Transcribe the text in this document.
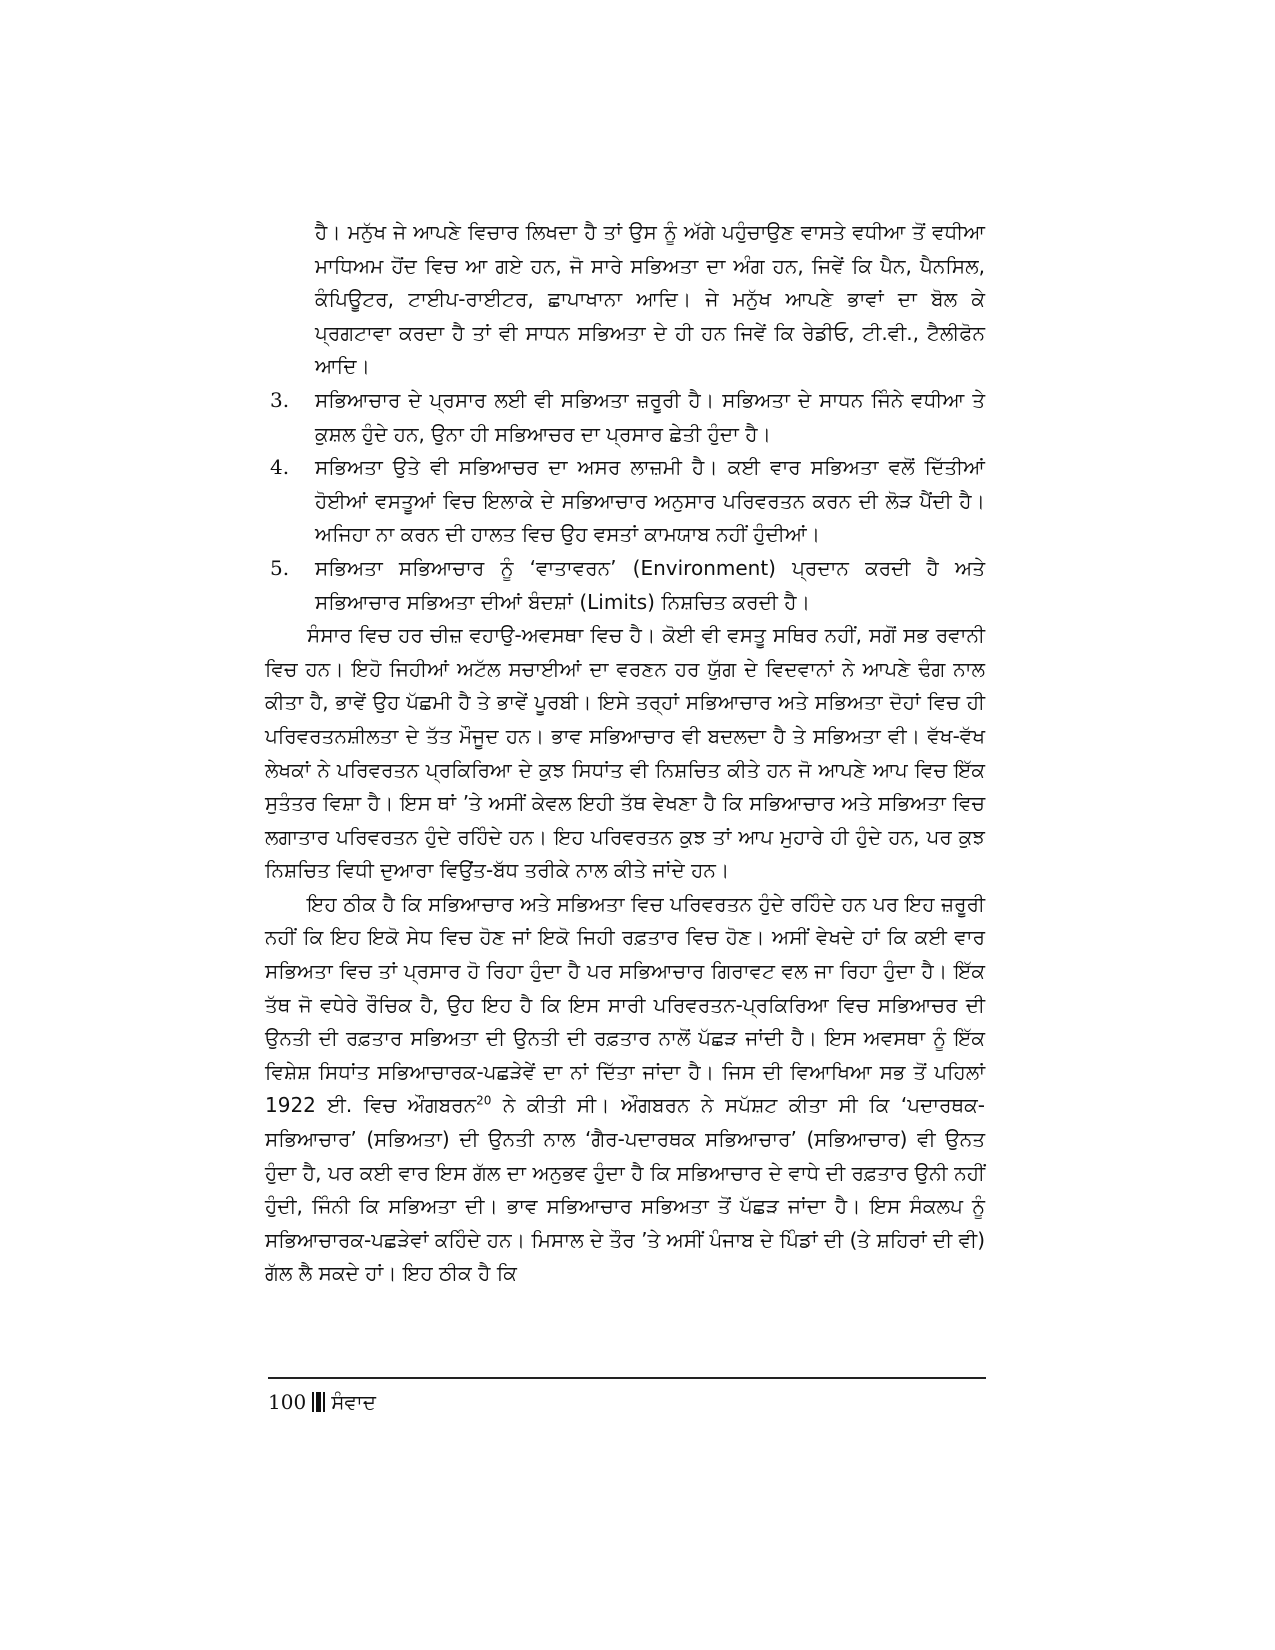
ਹੈ। ਮਨੁੱਖ ਜੇ ਆਪਣੇ ਵਿਚਾਰ ਲਿਖਦਾ ਹੈ ਤਾਂ ਉਸ ਨੂੰ ਅੱਗੇ ਪਹੁੰਚਾਉਣ ਵਾਸਤੇ ਵਧੀਆ ਤੋਂ ਵਧੀਆ ਮਾਧਿਅਮ ਹੋਂਦ ਵਿਚ ਆ ਗਏ ਹਨ, ਜੋ ਸਾਰੇ ਸਭਿਅਤਾ ਦਾ ਅੰਗ ਹਨ, ਜਿਵੇਂ ਕਿ ਪੈਨ, ਪੈਨਸਿਲ, ਕੰਪਿਊਟਰ, ਟਾਈਪ-ਰਾਈਟਰ, ਛਾਪਾਖਾਨਾ ਆਦਿ। ਜੇ ਮਨੁੱਖ ਆਪਣੇ ਭਾਵਾਂ ਦਾ ਬੋਲ ਕੇ ਪ੍ਰਗਟਾਵਾ ਕਰਦਾ ਹੈ ਤਾਂ ਵੀ ਸਾਧਨ ਸਭਿਅਤਾ ਦੇ ਹੀ ਹਨ ਜਿਵੇਂ ਕਿ ਰੇਡੀਓ, ਟੀ.ਵੀ., ਟੈਲੀਫੋਨ ਆਦਿ।

3. ਸਭਿਆਚਾਰ ਦੇ ਪ੍ਰਸਾਰ ਲਈ ਵੀ ਸਭਿਅਤਾ ਜ਼ਰੂਰੀ ਹੈ। ਸਭਿਅਤਾ ਦੇ ਸਾਧਨ ਜਿੰਨੇ ਵਧੀਆ ਤੇ ਕੁਸ਼ਲ ਹੁੰਦੇ ਹਨ, ਉਨਾ ਹੀ ਸਭਿਆਚਰ ਦਾ ਪ੍ਰਸਾਰ ਛੇਤੀ ਹੁੰਦਾ ਹੈ।

4. ਸਭਿਅਤਾ ਉਤੇ ਵੀ ਸਭਿਆਚਰ ਦਾ ਅਸਰ ਲਾਜ਼ਮੀ ਹੈ। ਕਈ ਵਾਰ ਸਭਿਅਤਾ ਵਲੋਂ ਦਿੱਤੀਆਂ ਹੋਈਆਂ ਵਸਤੂਆਂ ਵਿਚ ਇਲਾਕੇ ਦੇ ਸਭਿਆਚਾਰ ਅਨੁਸਾਰ ਪਰਿਵਰਤਨ ਕਰਨ ਦੀ ਲੋੜ ਪੈਂਦੀ ਹੈ। ਅਜਿਹਾ ਨਾ ਕਰਨ ਦੀ ਹਾਲਤ ਵਿਚ ਉਹ ਵਸਤਾਂ ਕਾਮਯਾਬ ਨਹੀਂ ਹੁੰਦੀਆਂ।

5. ਸਭਿਅਤਾ ਸਭਿਆਚਾਰ ਨੂੰ ‘ਵਾਤਾਵਰਨ’ (Environment) ਪ੍ਰਦਾਨ ਕਰਦੀ ਹੈ ਅਤੇ ਸਭਿਆਚਾਰ ਸਭਿਅਤਾ ਦੀਆਂ ਬੰਦਸ਼ਾਂ (Limits) ਨਿਸ਼ਚਿਤ ਕਰਦੀ ਹੈ।

ਸੰਸਾਰ ਵਿਚ ਹਰ ਚੀਜ਼ ਵਹਾਉ-ਅਵਸਥਾ ਵਿਚ ਹੈ। ਕੋਈ ਵੀ ਵਸਤੂ ਸਥਿਰ ਨਹੀਂ, ਸਗੋਂ ਸਭ ਰਵਾਨੀ ਵਿਚ ਹਨ। ਇਹੋ ਜਿਹੀਆਂ ਅਟੱਲ ਸਚਾਈਆਂ ਦਾ ਵਰਣਨ ਹਰ ਯੁੱਗ ਦੇ ਵਿਦਵਾਨਾਂ ਨੇ ਆਪਣੇ ਢੰਗ ਨਾਲ ਕੀਤਾ ਹੈ, ਭਾਵੇਂ ਉਹ ਪੱਛਮੀ ਹੈ ਤੇ ਭਾਵੇਂ ਪੂਰਬੀ। ਇਸੇ ਤਰ੍ਹਾਂ ਸਭਿਆਚਾਰ ਅਤੇ ਸਭਿਅਤਾ ਦੋਹਾਂ ਵਿਚ ਹੀ ਪਰਿਵਰਤਨਸ਼ੀਲਤਾ ਦੇ ਤੱਤ ਮੌਜੂਦ ਹਨ। ਭਾਵ ਸਭਿਆਚਾਰ ਵੀ ਬਦਲਦਾ ਹੈ ਤੇ ਸਭਿਅਤਾ ਵੀ। ਵੱਖ-ਵੱਖ ਲੇਖਕਾਂ ਨੇ ਪਰਿਵਰਤਨ ਪ੍ਰਕਿਰਿਆ ਦੇ ਕੁਝ ਸਿਧਾਂਤ ਵੀ ਨਿਸ਼ਚਿਤ ਕੀਤੇ ਹਨ ਜੋ ਆਪਣੇ ਆਪ ਵਿਚ ਇੱਕ ਸੁਤੰਤਰ ਵਿਸ਼ਾ ਹੈ। ਇਸ ਥਾਂ ’ਤੇ ਅਸੀਂ ਕੇਵਲ ਇਹੀ ਤੱਥ ਵੇਖਣਾ ਹੈ ਕਿ ਸਭਿਆਚਾਰ ਅਤੇ ਸਭਿਅਤਾ ਵਿਚ ਲਗਾਤਾਰ ਪਰਿਵਰਤਨ ਹੁੰਦੇ ਰਹਿੰਦੇ ਹਨ। ਇਹ ਪਰਿਵਰਤਨ ਕੁਝ ਤਾਂ ਆਪ ਮੁਹਾਰੇ ਹੀ ਹੁੰਦੇ ਹਨ, ਪਰ ਕੁਝ ਨਿਸ਼ਚਿਤ ਵਿਧੀ ਦੁਆਰਾ ਵਿਉਂਤ-ਬੱਧ ਤਰੀਕੇ ਨਾਲ ਕੀਤੇ ਜਾਂਦੇ ਹਨ।

ਇਹ ਠੀਕ ਹੈ ਕਿ ਸਭਿਆਚਾਰ ਅਤੇ ਸਭਿਅਤਾ ਵਿਚ ਪਰਿਵਰਤਨ ਹੁੰਦੇ ਰਹਿੰਦੇ ਹਨ ਪਰ ਇਹ ਜ਼ਰੂਰੀ ਨਹੀਂ ਕਿ ਇਹ ਇਕੋ ਸੇਧ ਵਿਚ ਹੋਣ ਜਾਂ ਇਕੋ ਜਿਹੀ ਰਫ਼ਤਾਰ ਵਿਚ ਹੋਣ। ਅਸੀਂ ਵੇਖਦੇ ਹਾਂ ਕਿ ਕਈ ਵਾਰ ਸਭਿਅਤਾ ਵਿਚ ਤਾਂ ਪ੍ਰਸਾਰ ਹੋ ਰਿਹਾ ਹੁੰਦਾ ਹੈ ਪਰ ਸਭਿਆਚਾਰ ਗਿਰਾਵਟ ਵਲ ਜਾ ਰਿਹਾ ਹੁੰਦਾ ਹੈ। ਇੱਕ ਤੱਥ ਜੋ ਵਧੇਰੇ ਰੌਚਿਕ ਹੈ, ਉਹ ਇਹ ਹੈ ਕਿ ਇਸ ਸਾਰੀ ਪਰਿਵਰਤਨ-ਪ੍ਰਕਿਰਿਆ ਵਿਚ ਸਭਿਆਚਰ ਦੀ ਉਨਤੀ ਦੀ ਰਫ਼ਤਾਰ ਸਭਿਅਤਾ ਦੀ ਉਨਤੀ ਦੀ ਰਫ਼ਤਾਰ ਨਾਲੋਂ ਪੱਛੜ ਜਾਂਦੀ ਹੈ। ਇਸ ਅਵਸਥਾ ਨੂੰ ਇੱਕ ਵਿਸ਼ੇਸ਼ ਸਿਧਾਂਤ ਸਭਿਆਚਾਰਕ-ਪਛੜੇਵੇਂ ਦਾ ਨਾਂ ਦਿੱਤਾ ਜਾਂਦਾ ਹੈ। ਜਿਸ ਦੀ ਵਿਆਖਿਆ ਸਭ ਤੋਂ ਪਹਿਲਾਂ 1922 ਈ. ਵਿਚ ਔਗਬਰਨ$^{20}$ ਨੇ ਕੀਤੀ ਸੀ। ਔਗਬਰਨ ਨੇ ਸਪੱਸ਼ਟ ਕੀਤਾ ਸੀ ਕਿ ‘ਪਦਾਰਥਕ-ਸਭਿਆਚਾਰ’ (ਸਭਿਅਤਾ) ਦੀ ਉਨਤੀ ਨਾਲ ‘ਗੈਰ-ਪਦਾਰਥਕ ਸਭਿਆਚਾਰ’ (ਸਭਿਆਚਾਰ) ਵੀ ਉਨਤ ਹੁੰਦਾ ਹੈ, ਪਰ ਕਈ ਵਾਰ ਇਸ ਗੱਲ ਦਾ ਅਨੁਭਵ ਹੁੰਦਾ ਹੈ ਕਿ ਸਭਿਆਚਾਰ ਦੇ ਵਾਧੇ ਦੀ ਰਫ਼ਤਾਰ ਉਨੀ ਨਹੀਂ ਹੁੰਦੀ, ਜਿੰਨੀ ਕਿ ਸਭਿਅਤਾ ਦੀ। ਭਾਵ ਸਭਿਆਚਾਰ ਸਭਿਅਤਾ ਤੋਂ ਪੱਛੜ ਜਾਂਦਾ ਹੈ। ਇਸ ਸੰਕਲਪ ਨੂੰ ਸਭਿਆਚਾਰਕ-ਪਛੜੇਵਾਂ ਕਹਿੰਦੇ ਹਨ। ਮਿਸਾਲ ਦੇ ਤੌਰ ’ਤੇ ਅਸੀਂ ਪੰਜਾਬ ਦੇ ਪਿੰਡਾਂ ਦੀ (ਤੇ ਸ਼ਹਿਰਾਂ ਦੀ ਵੀ) ਗੱਲ ਲੈ ਸਕਦੇ ਹਾਂ। ਇਹ ਠੀਕ ਹੈ ਕਿ

100 ਸੰਵਾਦ
